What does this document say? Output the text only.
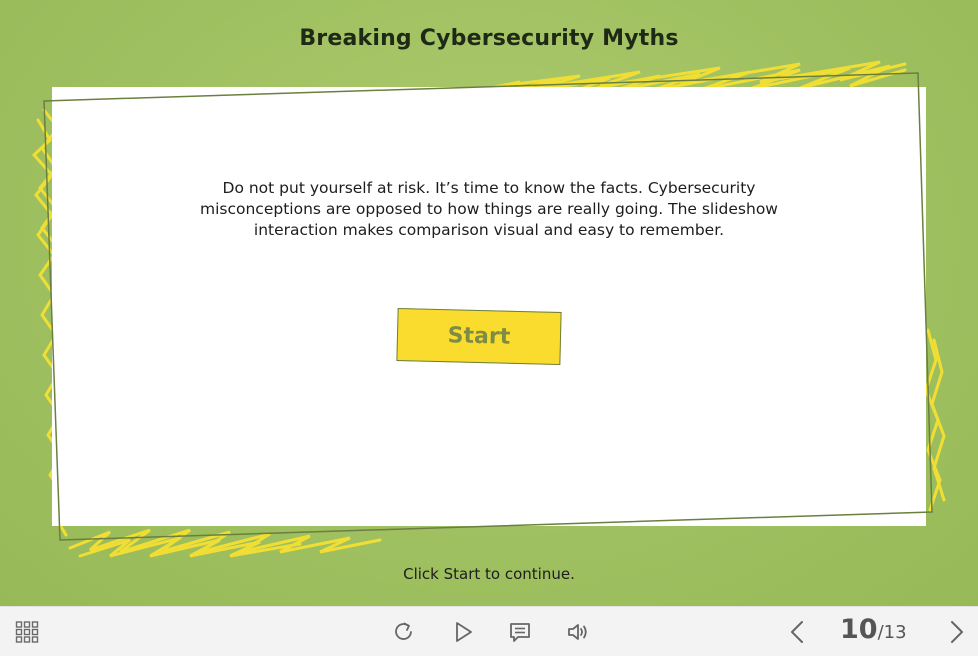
Breaking Cybersecurity Myths
Do not put yourself at risk. It’s time to know the facts. Cybersecurity misconceptions are opposed to how things are really going. The slideshow interaction makes comparison visual and easy to remember.
Start
Click Start to continue.
10/13
